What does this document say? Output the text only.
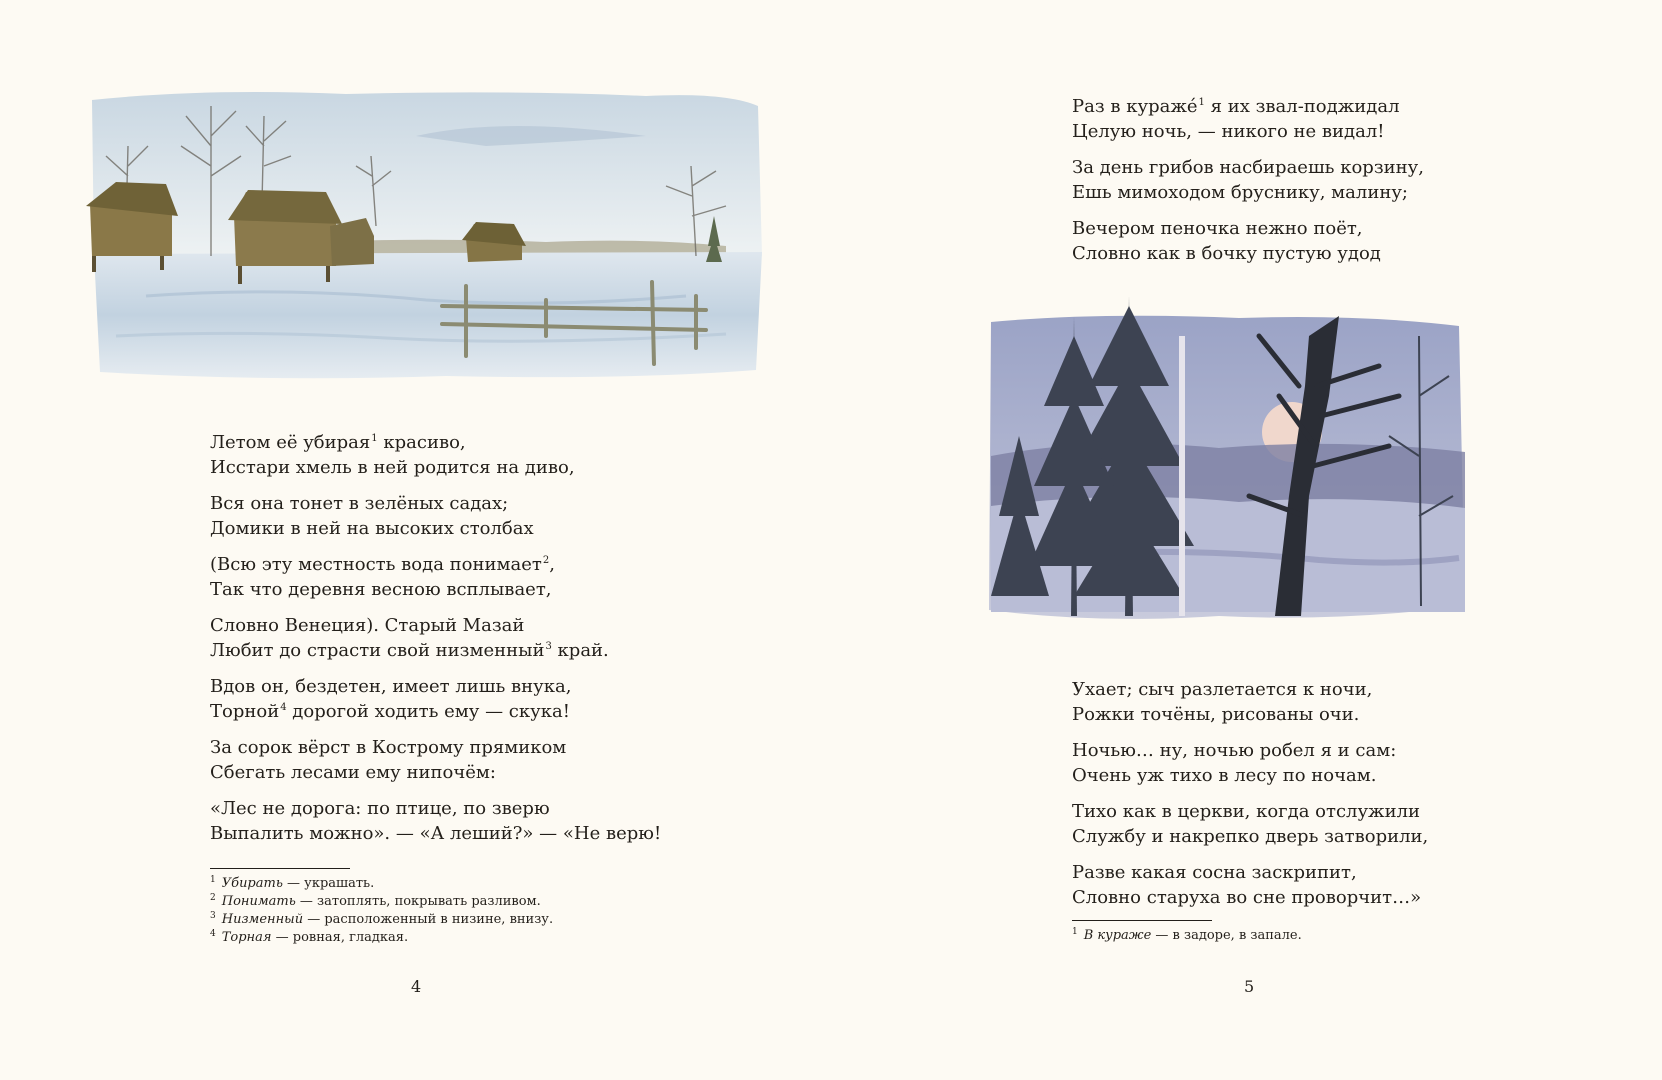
Летом её убирая$^1$ красиво,
Исстари хмель в ней родится на диво,
Вся она тонет в зелёных садах;
Домики в ней на высоких столбах
(Всю эту местность вода понимает$^2$,
Так что деревня весною всплывает,
Словно Венеция). Старый Мазай
Любит до страсти свой низменный$^3$ край.
Вдов он, бездетен, имеет лишь внука,
Торной$^4$ дорогой ходить ему — скука!
За сорок вёрст в Кострому прямиком
Сбегать лесами ему нипочём:
«Лес не дорога: по птице, по зверю
Выпалить можно». — «А леший?» — «Не верю!
$^1$ Убирать — украшать.
$^2$ Понимать — затоплять, покрывать разливом.
$^3$ Низменный — расположенный в низине, внизу.
$^4$ Торная — ровная, гладкая.
4
Раз в куражé$^1$ я их звал-поджидал
Целую ночь, — никого не видал!
За день грибов насбираешь корзину,
Ешь мимоходом бруснику, малину;
Вечером пеночка нежно поёт,
Словно как в бочку пустую удод
Ухает; сыч разлетается к ночи,
Рожки точёны, рисованы очи.
Ночью… ну, ночью робел я и сам:
Очень уж тихо в лесу по ночам.
Тихо как в церкви, когда отслужили
Службу и накрепко дверь затворили,
Разве какая сосна заскрипит,
Словно старуха во сне проворчит…»
$^1$ В кураже — в задоре, в запале.
5
